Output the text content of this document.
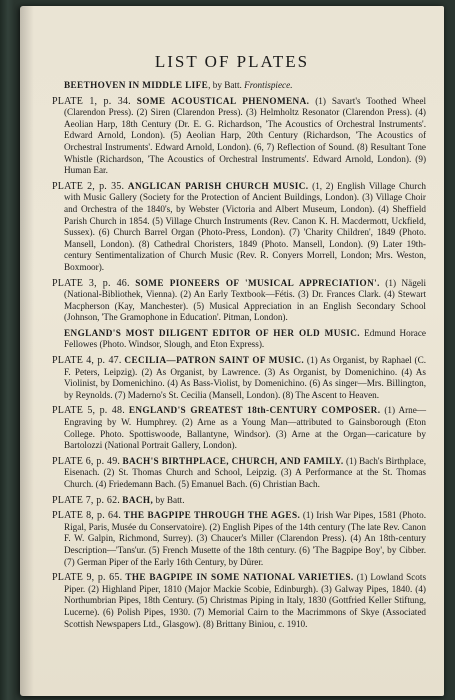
LIST OF PLATES

BEETHOVEN IN MIDDLE LIFE, by Batt. Frontispiece.

PLATE 1, p. 34. SOME ACOUSTICAL PHENOMENA. (1) Savart's Toothed Wheel (Clarendon Press). (2) Siren (Clarendon Press). (3) Helmholtz Resonator (Clarendon Press). (4) Aeolian Harp, 18th Century (Dr. E. G. Richardson, 'The Acoustics of Orchestral Instruments'. Edward Arnold, London). (5) Aeolian Harp, 20th Century (Richardson, 'The Acoustics of Orchestral Instruments'. Edward Arnold, London). (6, 7) Reflection of Sound. (8) Resultant Tone Whistle (Richardson, 'The Acoustics of Orchestral Instruments'. Edward Arnold, London). (9) Human Ear.

PLATE 2, p. 35. ANGLICAN PARISH CHURCH MUSIC. (1, 2) English Village Church with Music Gallery (Society for the Protection of Ancient Buildings, London). (3) Village Choir and Orchestra of the 1840's, by Webster (Victoria and Albert Museum, London). (4) Sheffield Parish Church in 1854. (5) Village Church Instruments (Rev. Canon K. H. Macdermott, Uckfield, Sussex). (6) Church Barrel Organ (Photo-Press, London). (7) 'Charity Children', 1849 (Photo. Mansell, London). (8) Cathedral Choristers, 1849 (Photo. Mansell, London). (9) Later 19th-century Sentimentalization of Church Music (Rev. R. Conyers Morrell, London; Mrs. Weston, Boxmoor).

PLATE 3, p. 46. SOME PIONEERS OF 'MUSICAL APPRECIATION'. (1) Nägeli (National-Bibliothek, Vienna). (2) An Early Textbook—Fétis. (3) Dr. Frances Clark. (4) Stewart Macpherson (Kay, Manchester). (5) Musical Appreciation in an English Secondary School (Johnson, 'The Gramophone in Education'. Pitman, London).

ENGLAND'S MOST DILIGENT EDITOR OF HER OLD MUSIC. Edmund Horace Fellowes (Photo. Windsor, Slough, and Eton Express).

PLATE 4, p. 47. CECILIA—PATRON SAINT OF MUSIC. (1) As Organist, by Raphael (C. F. Peters, Leipzig). (2) As Organist, by Lawrence. (3) As Organist, by Domenichino. (4) As Violinist, by Domenichino. (4) As Bass-Violist, by Domenichino. (6) As singer—Mrs. Billington, by Reynolds. (7) Maderno's St. Cecilia (Mansell, London). (8) The Ascent to Heaven.

PLATE 5, p. 48. ENGLAND'S GREATEST 18th-CENTURY COMPOSER. (1) Arne—Engraving by W. Humphrey. (2) Arne as a Young Man—attributed to Gainsborough (Eton College. Photo. Spottiswoode, Ballantyne, Windsor). (3) Arne at the Organ—caricature by Bartolozzi (National Portrait Gallery, London).

PLATE 6, p. 49. BACH'S BIRTHPLACE, CHURCH, AND FAMILY. (1) Bach's Birthplace, Eisenach. (2) St. Thomas Church and School, Leipzig. (3) A Performance at the St. Thomas Church. (4) Friedemann Bach. (5) Emanuel Bach. (6) Christian Bach.

PLATE 7, p. 62. BACH, by Batt.

PLATE 8, p. 64. THE BAGPIPE THROUGH THE AGES. (1) Irish War Pipes, 1581 (Photo. Rigal, Paris, Musée du Conservatoire). (2) English Pipes of the 14th century (The late Rev. Canon F. W. Galpin, Richmond, Surrey). (3) Chaucer's Miller (Clarendon Press). (4) An 18th-century Description—'Tans'ur. (5) French Musette of the 18th century. (6) 'The Bagpipe Boy', by Cibber. (7) German Piper of the Early 16th Century, by Dürer.

PLATE 9, p. 65. THE BAGPIPE IN SOME NATIONAL VARIETIES. (1) Lowland Scots Piper. (2) Highland Piper, 1810 (Major Mackie Scobie, Edinburgh). (3) Galway Pipes, 1840. (4) Northumbrian Pipes, 18th Century. (5) Christmas Piping in Italy, 1830 (Gottfried Keller Stiftung, Lucerne). (6) Polish Pipes, 1930. (7) Memorial Cairn to the Macrimmons of Skye (Associated Scottish Newspapers Ltd., Glasgow). (8) Brittany Biniou, c. 1910.
